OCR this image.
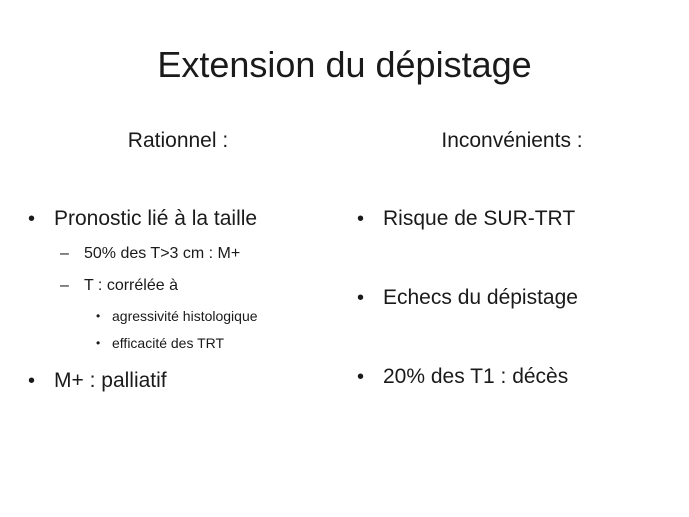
Extension du dépistage
Rationnel :	Inconvénients :
• Pronostic lié à la taille
– 50% des T>3 cm : M+
– T : corrélée à
• agressivité histologique
• efficacité des TRT
• M+ : palliatif
• Risque de SUR-TRT
• Echecs du dépistage
• 20% des T1 : décès
